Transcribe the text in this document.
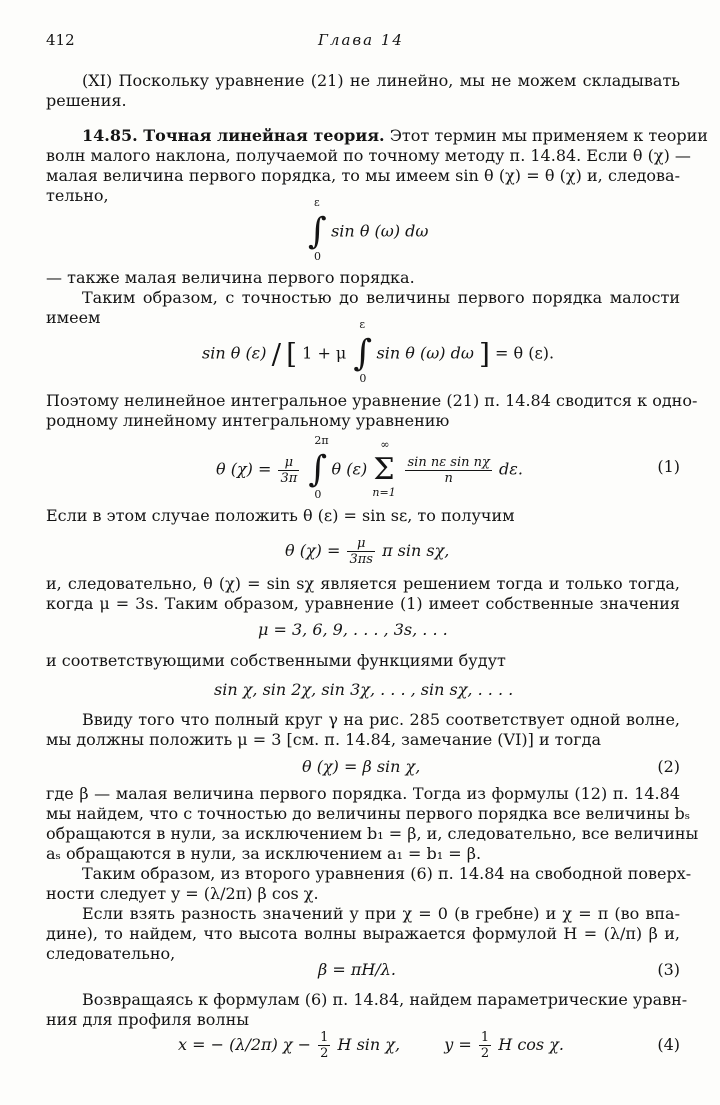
412	Глава 14
(XI) Поскольку уравнение (21) не линейно, мы не можем складывать
решения.
14.85. Точная линейная теория. Этот термин мы применяем к теории
волн малого наклона, получаемой по точному методу п. 14.84. Если θ (χ) —
малая величина первого порядка, то мы имеем sin θ (χ) = θ (χ) и, следова-
тельно,
∫
ε
0
sin θ (ω) dω
— также малая величина первого порядка.
Таким образом, с точностью до величины первого порядка малости
имеем
sin θ (ε) / [ 1 + μ ∫
ε
0
sin θ (ω) dω ] = θ (ε).
Поэтому нелинейное интегральное уравнение (21) п. 14.84 сводится к одно-
родному линейному интегральному уравнению
θ $(\chi) = \frac{\mu}{3\pi}$
∫
2π
0
θ (ε) Σ
∞
n=1

$\frac{\text{sin nε sin nχ}}{n} d\varepsilon$.	(1)
Если в этом случае положить θ (ε) = sin sε, то получим
θ $(\chi) = \frac{\mu}{3\pi s}$ π sin sχ,
и, следовательно, θ (χ) = sin sχ является решением тогда и только тогда,
когда μ = 3s. Таким образом, уравнение (1) имеет собственные значения
μ = 3, 6, 9, . . . , 3s, . . .
и соответствующими собственными функциями будут
sin χ, sin 2χ, sin 3χ, . . . , sin sχ, . . . .
Ввиду того что полный круг γ на рис. 285 соответствует одной волне,
мы должны положить μ = 3 [см. п. 14.84, замечание (VI)] и тогда
θ (χ) = β sin χ,	(2)
где β — малая величина первого порядка. Тогда из формулы (12) п. 14.84
мы найдем, что с точностью до величины первого порядка все величины bₛ
обращаются в нули, за исключением b₁ = β, и, следовательно, все величины
aₛ обращаются в нули, за исключением a₁ = b₁ = β.
Таким образом, из второго уравнения (6) п. 14.84 на свободной поверх-
ности следует y = (λ/2π) β cos χ.
Если взять разность значений y при χ = 0 (в гребне) и χ = π (во впа-
дине), то найдем, что высота волны выражается формулой H = (λ/π) β и,
следовательно,
β = πH/λ.	(3)
Возвращаясь к формулам (6) п. 14.84, найдем параметрические уравн-
ния для профиля волны
x = − (λ/2π) $\chi - \frac{1}{2}$ H sin χ,	$y = \frac{1}{2}$ H cos χ.	(4)
